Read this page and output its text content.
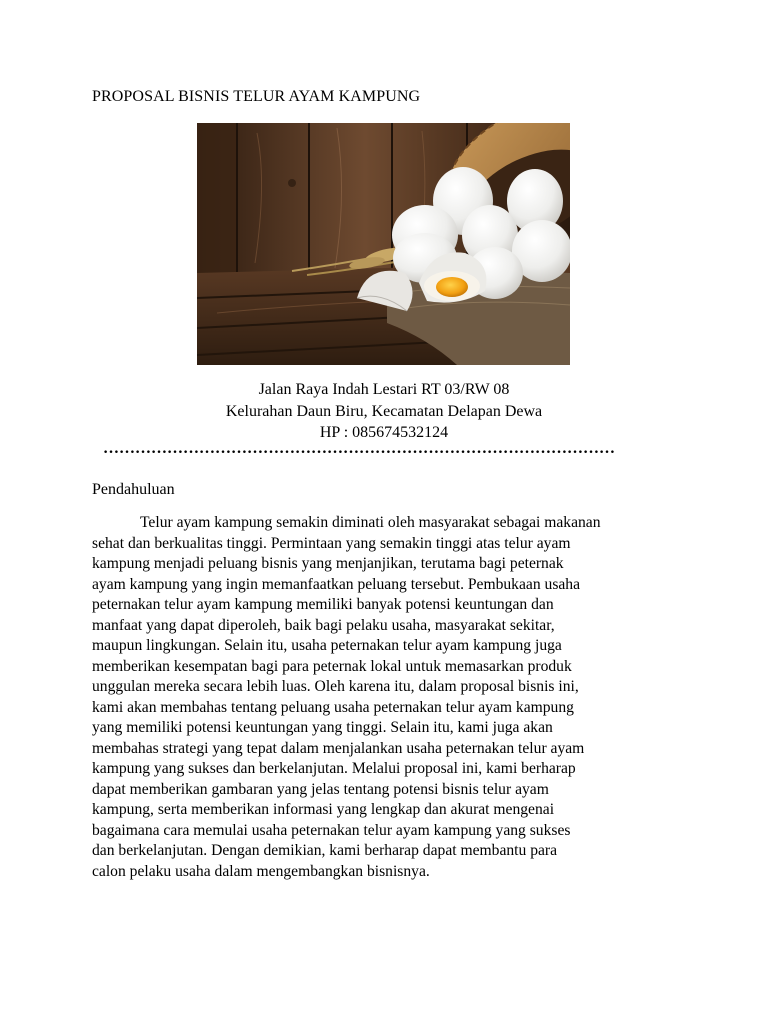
PROPOSAL BISNIS TELUR AYAM KAMPUNG
Jalan Raya Indah Lestari RT 03/RW 08
Kelurahan Daun Biru, Kecamatan Delapan Dewa
HP : 085674532124
……………………………………………………………………………………
Pendahuluan
Telur ayam kampung semakin diminati oleh masyarakat sebagai makanan
sehat dan berkualitas tinggi. Permintaan yang semakin tinggi atas telur ayam
kampung menjadi peluang bisnis yang menjanjikan, terutama bagi peternak
ayam kampung yang ingin memanfaatkan peluang tersebut. Pembukaan usaha
peternakan telur ayam kampung memiliki banyak potensi keuntungan dan
manfaat yang dapat diperoleh, baik bagi pelaku usaha, masyarakat sekitar,
maupun lingkungan. Selain itu, usaha peternakan telur ayam kampung juga
memberikan kesempatan bagi para peternak lokal untuk memasarkan produk
unggulan mereka secara lebih luas. Oleh karena itu, dalam proposal bisnis ini,
kami akan membahas tentang peluang usaha peternakan telur ayam kampung
yang memiliki potensi keuntungan yang tinggi. Selain itu, kami juga akan
membahas strategi yang tepat dalam menjalankan usaha peternakan telur ayam
kampung yang sukses dan berkelanjutan. Melalui proposal ini, kami berharap
dapat memberikan gambaran yang jelas tentang potensi bisnis telur ayam
kampung, serta memberikan informasi yang lengkap dan akurat mengenai
bagaimana cara memulai usaha peternakan telur ayam kampung yang sukses
dan berkelanjutan. Dengan demikian, kami berharap dapat membantu para
calon pelaku usaha dalam mengembangkan bisnisnya.
